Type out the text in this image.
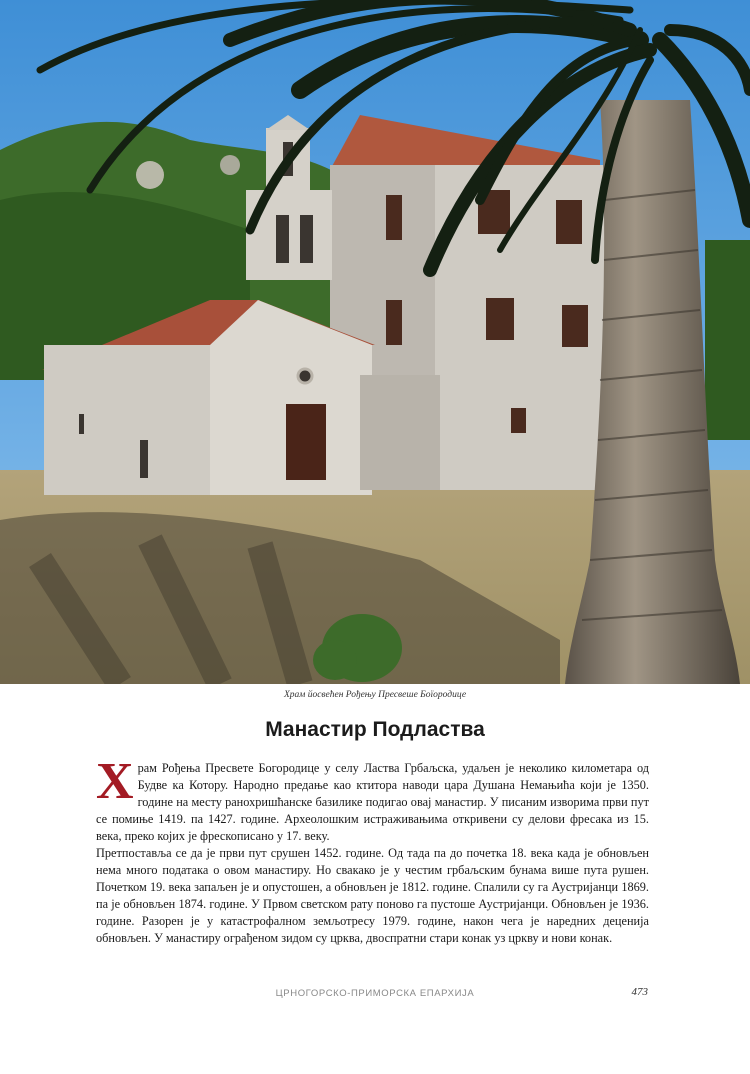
Храм йосвећен Рођењу Пресвеше Боїородице
Манастир Подластва

Храм Рођења Пресвете Богородице у селу Ластва Грбаљска, удаљен је неколико километара од Будве ка Котору. Народно предање као ктитора наводи цара Душана Немањића који је 1350. године на месту ранохришћанске базилике подигао овај манастир. У писаним изворима први пут се помиње 1419. па 1427. године. Археолошким истраживањима откривени су делови фресака из 15. века, преко којих је фрескописано у 17. веку.

Претпоставља се да је први пут срушен 1452. године. Од тада па до почетка 18. века када је обновљен нема много података о овом манастиру. Но свакако је у честим грбаљским бунама више пута рушен. Почетком 19. века запаљен је и опустошен, а обновљен је 1812. године. Спалили су га Аустријанци 1869. па је обновљен 1874. године. У Првом светском рату поново га пустоше Аустријанци. Обновљен је 1936. године. Разорен је у катастрофалном земљотресу 1979. године, након чега је наредних деценија обновљен. У манастиру ограђеном зидом су црква, двоспратни стари конак уз цркву и нови конак.

ЦРНОГОРСКО-ПРИМОРСКА ЕПАРХИЈА	473
